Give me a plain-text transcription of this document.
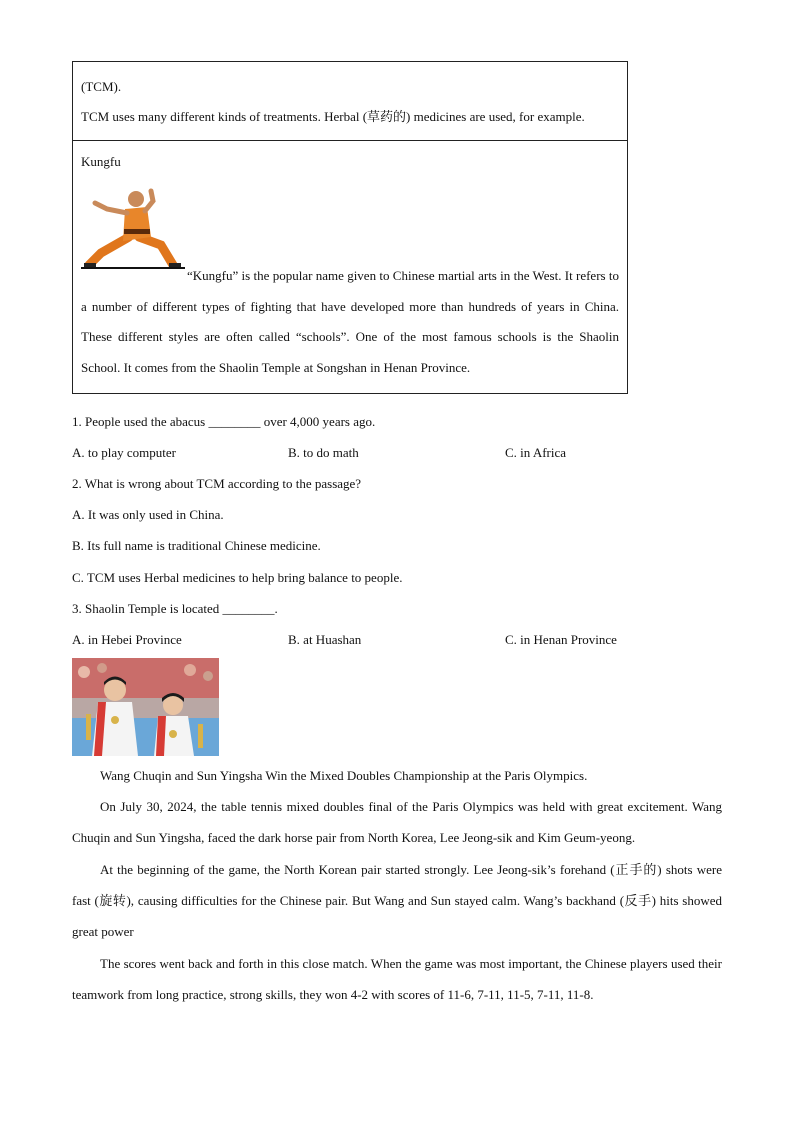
(TCM).

TCM uses many different kinds of treatments. Herbal (草药的) medicines are used, for example.

Kungfu

“Kungfu” is the popular name given to Chinese martial arts in the West. It refers to a number of different types of fighting that have developed more than hundreds of years in China. These different styles are often called “schools”. One of the most famous schools is the Shaolin School. It comes from the Shaolin Temple at Songshan in Henan Province.

1. People used the abacus ________ over 4,000 years ago.
A. to play computer	B. to do math	C. in Africa
2. What is wrong about TCM according to the passage?
A. It was only used in China.
B. Its full name is traditional Chinese medicine.
C. TCM uses Herbal medicines to help bring balance to people.
3. Shaolin Temple is located ________.
A. in Hebei Province	B. at Huashan	C. in Henan Province
Wang Chuqin and Sun Yingsha Win the Mixed Doubles Championship at the Paris Olympics.
On July 30, 2024, the table tennis mixed doubles final of the Paris Olympics was held with great excitement. Wang Chuqin and Sun Yingsha, faced the dark horse pair from North Korea, Lee Jeong-sik and Kim Geum-yeong.
At the beginning of the game, the North Korean pair started strongly. Lee Jeong-sik’s forehand (正手的) shots were fast (旋转), causing difficulties for the Chinese pair. But Wang and Sun stayed calm. Wang’s backhand (反手) hits showed great power
The scores went back and forth in this close match. When the game was most important, the Chinese players used their teamwork from long practice, strong skills, they won 4-2 with scores of 11-6, 7-11, 11-5, 7-11, 11-8.
